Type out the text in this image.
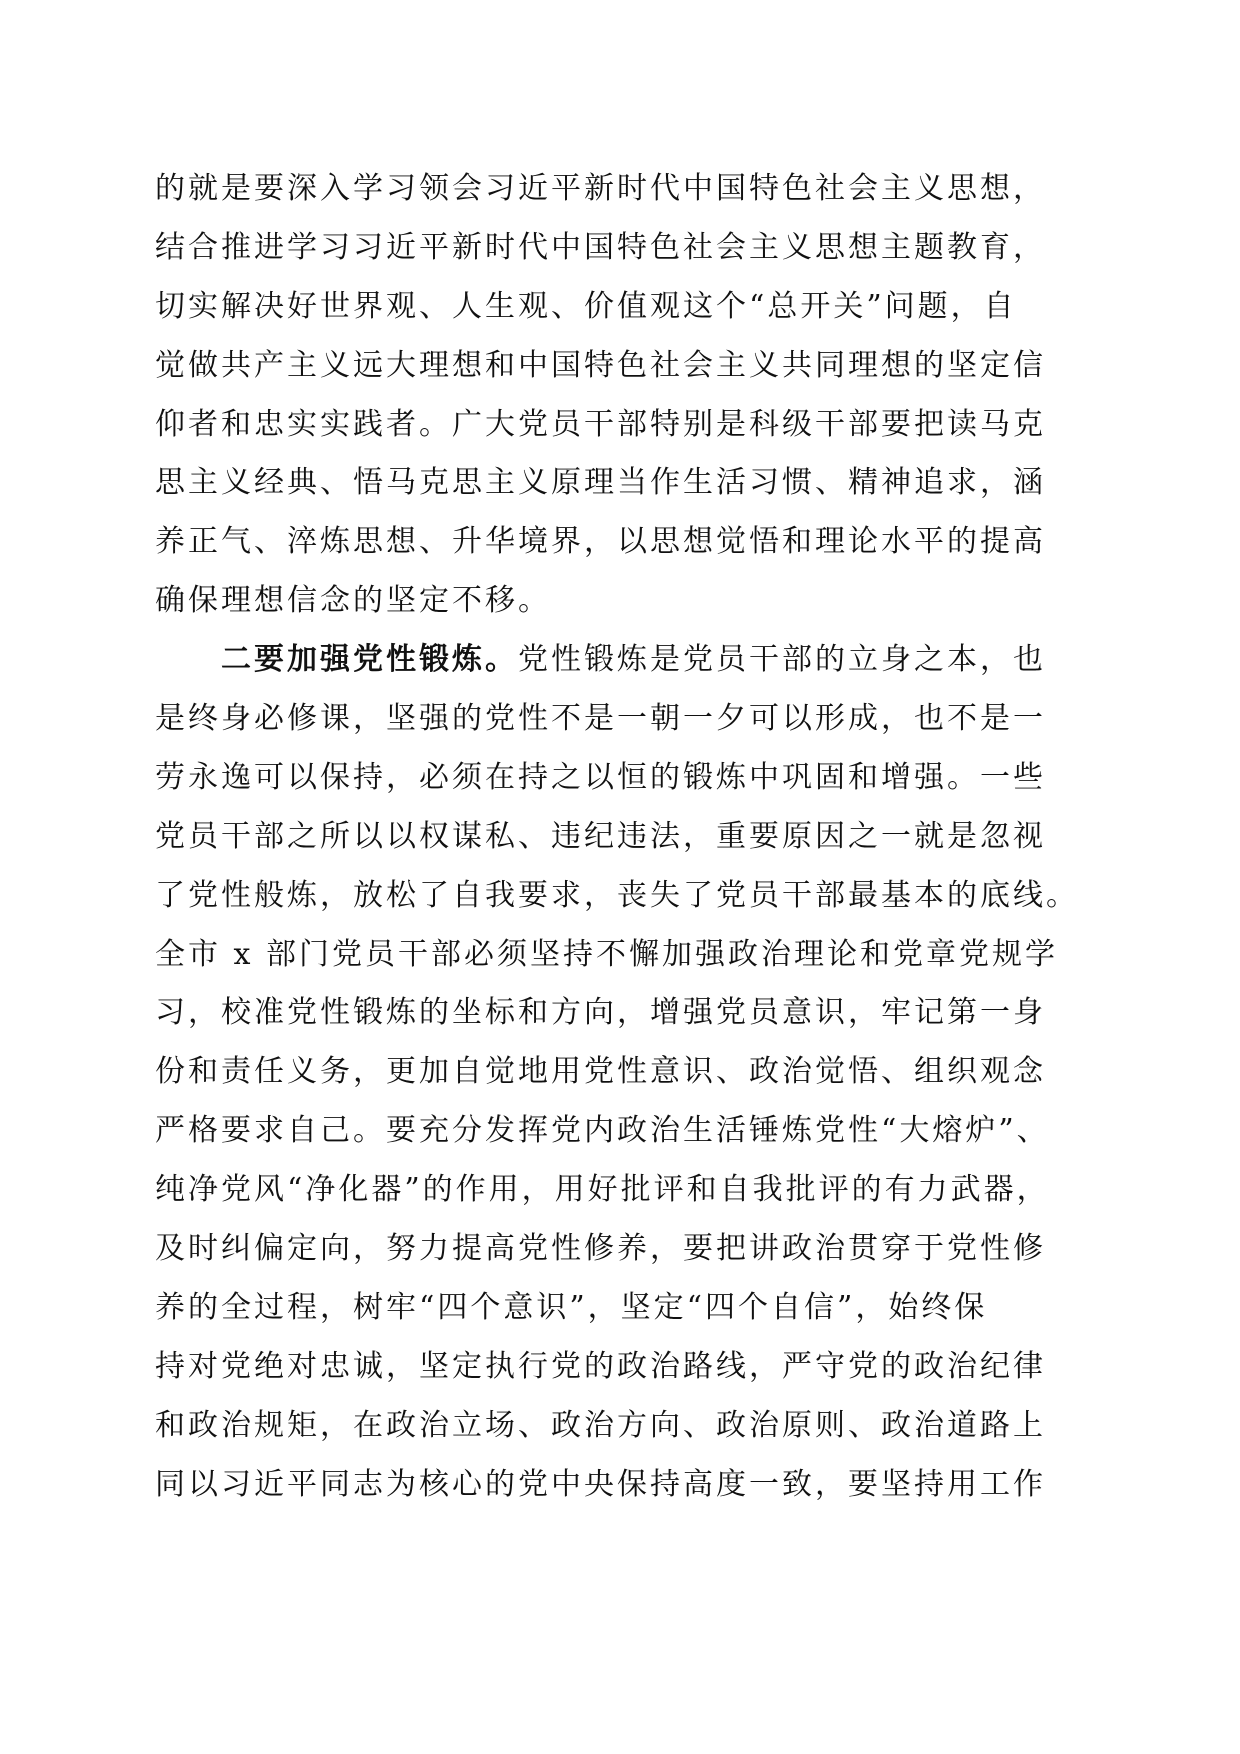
的就是要深入学习领会习近平新时代中国特色社会主义思想，
结合推进学习习近平新时代中国特色社会主义思想主题教育，
切实解决好世界观、人生观、价值观这个“总开关”问题，自
觉做共产主义远大理想和中国特色社会主义共同理想的坚定信
仰者和忠实实践者。广大党员干部特别是科级干部要把读马克
思主义经典、悟马克思主义原理当作生活习惯、精神追求，涵
养正气、淬炼思想、升华境界，以思想觉悟和理论水平的提高
确保理想信念的坚定不移。
二要加强党性锻炼。党性锻炼是党员干部的立身之本，也
是终身必修课，坚强的党性不是一朝一夕可以形成，也不是一
劳永逸可以保持，必须在持之以恒的锻炼中巩固和增强。一些
党员干部之所以以权谋私、违纪违法，重要原因之一就是忽视
了党性般炼，放松了自我要求，丧失了党员干部最基本的底线。
全市 x 部门党员干部必须坚持不懈加强政治理论和党章党规学
习，校准党性锻炼的坐标和方向，增强党员意识，牢记第一身
份和责任义务，更加自觉地用党性意识、政治觉悟、组织观念
严格要求自己。要充分发挥党内政治生活锤炼党性“大熔炉”、
纯净党风“净化器”的作用，用好批评和自我批评的有力武器，
及时纠偏定向，努力提高党性修养，要把讲政治贯穿于党性修
养的全过程，树牢“四个意识”，坚定“四个自信”，始终保
持对党绝对忠诚，坚定执行党的政治路线，严守党的政治纪律
和政治规矩，在政治立场、政治方向、政治原则、政治道路上
同以习近平同志为核心的党中央保持高度一致，要坚持用工作
